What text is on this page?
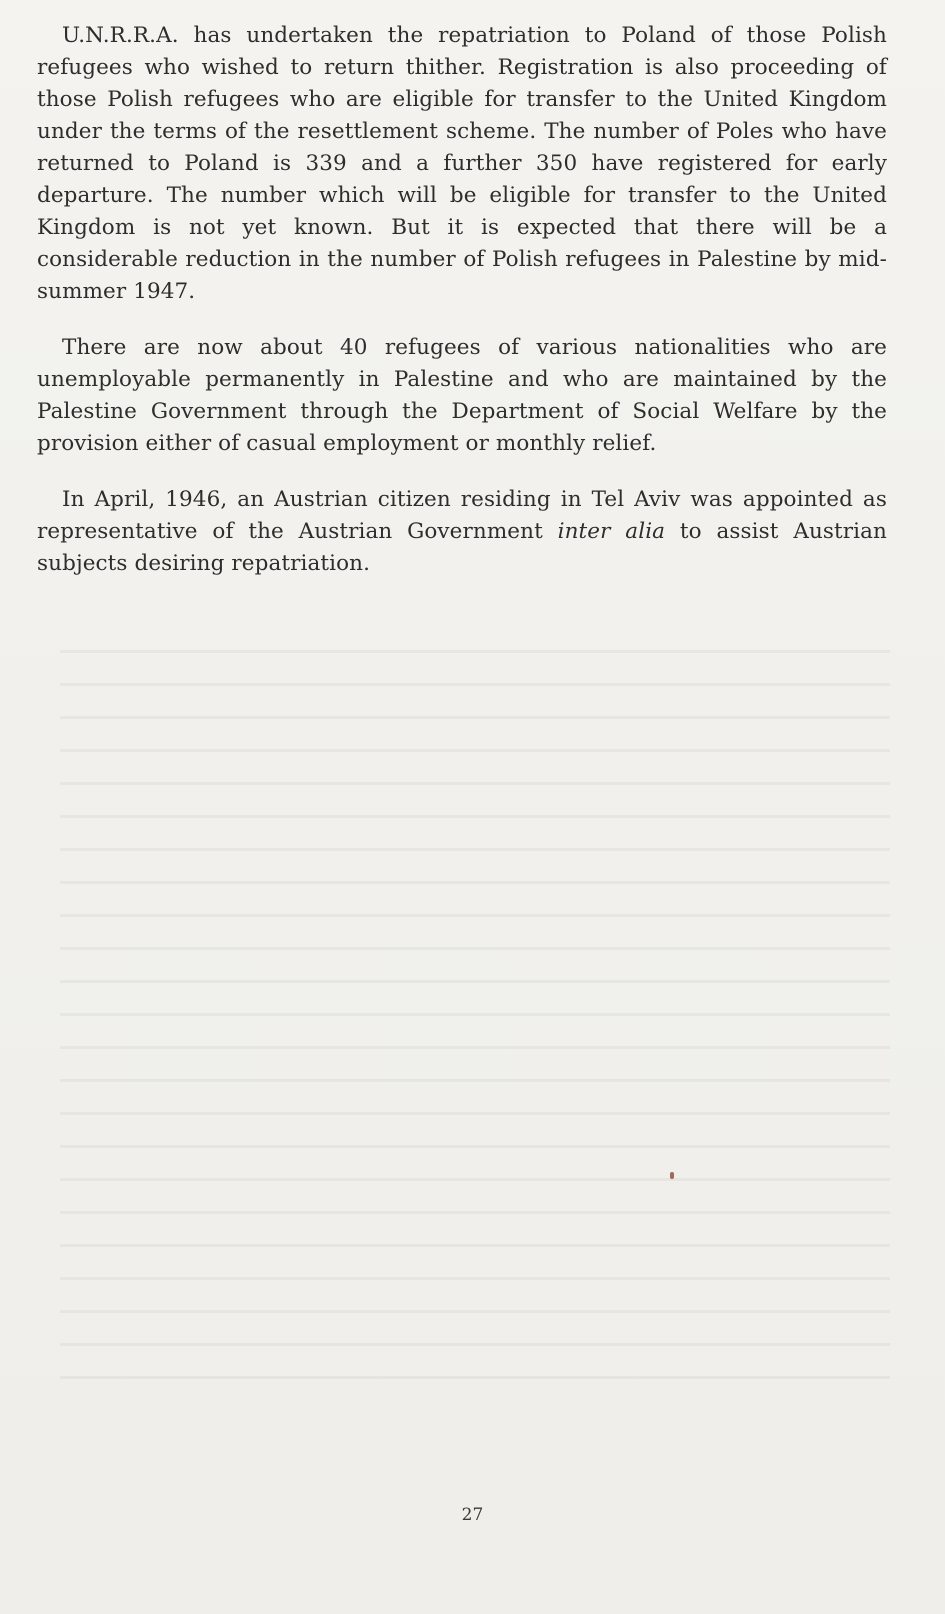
U.N.R.R.A. has undertaken the repatriation to Poland of those Polish refugees who wished to return thither. Registration is also proceeding of those Polish refugees who are eligible for transfer to the United Kingdom under the terms of the resettlement scheme. The number of Poles who have returned to Poland is 339 and a further 350 have registered for early departure. The number which will be eligible for transfer to the United Kingdom is not yet known. But it is expected that there will be a considerable reduction in the number of Polish refugees in Palestine by mid-summer 1947.

There are now about 40 refugees of various nationalities who are unemployable permanently in Palestine and who are maintained by the Palestine Government through the Department of Social Welfare by the provision either of casual employment or monthly relief.

In April, 1946, an Austrian citizen residing in Tel Aviv was appointed as representative of the Austrian Government inter alia to assist Austrian subjects desiring repatriation.

27
